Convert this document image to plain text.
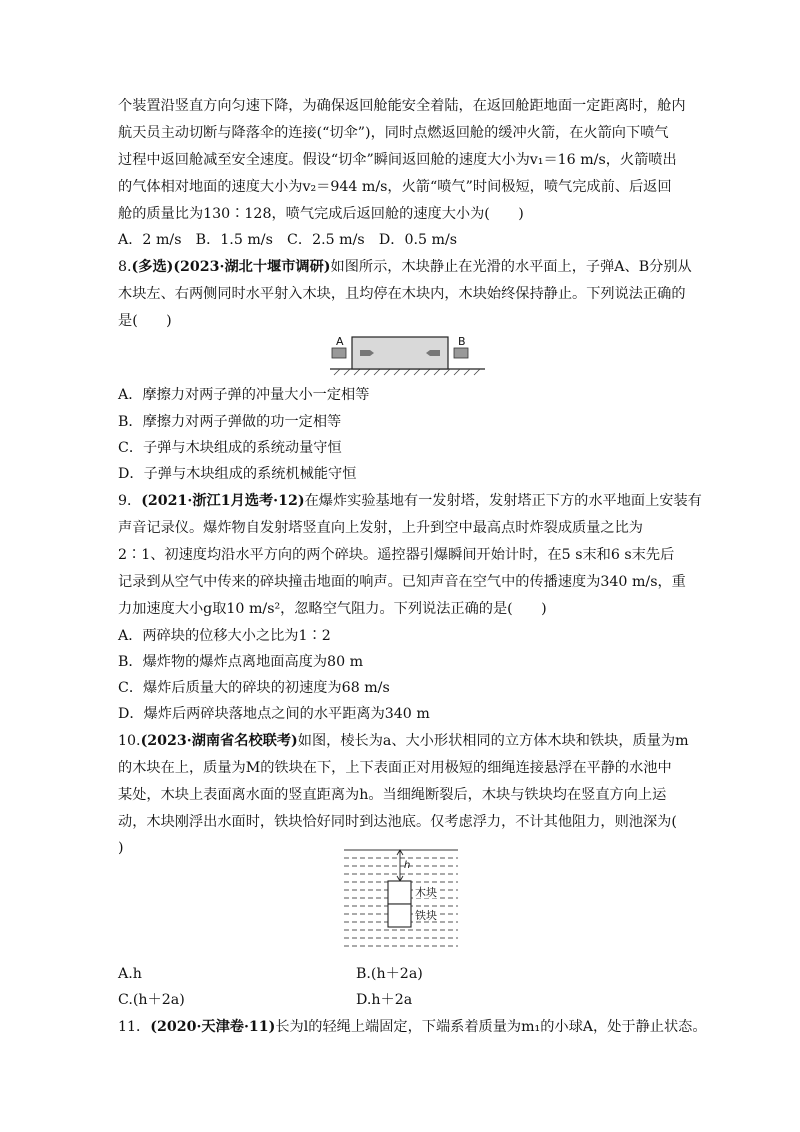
个装置沿竖直方向匀速下降，为确保返回舱能安全着陆，在返回舱距地面一定距离时，舱内
航天员主动切断与降落伞的连接(“切伞”)，同时点燃返回舱的缓冲火箭，在火箭向下喷气
过程中返回舱减至安全速度。假设“切伞”瞬间返回舱的速度大小为v₁＝16 m/s，火箭喷出
的气体相对地面的速度大小为v₂＝944 m/s，火箭“喷气”时间极短，喷气完成前、后返回
舱的质量比为130∶128，喷气完成后返回舱的速度大小为(　　)
A．2 m/s　B．1.5 m/s　C．2.5 m/s　D．0.5 m/s
8.(多选)(2023·湖北十堰市调研)如图所示，木块静止在光滑的水平面上，子弹A、B分别从
木块左、右两侧同时水平射入木块，且均停在木块内，木块始终保持静止。下列说法正确的
是(　　)
A	B
A．摩擦力对两子弹的冲量大小一定相等
B．摩擦力对两子弹做的功一定相等
C．子弹与木块组成的系统动量守恒
D．子弹与木块组成的系统机械能守恒
9．(2021·浙江1月选考·12)在爆炸实验基地有一发射塔，发射塔正下方的水平地面上安装有
声音记录仪。爆炸物自发射塔竖直向上发射，上升到空中最高点时炸裂成质量之比为
2∶1、初速度均沿水平方向的两个碎块。遥控器引爆瞬间开始计时，在5 s末和6 s末先后
记录到从空气中传来的碎块撞击地面的响声。已知声音在空气中的传播速度为340 m/s，重
力加速度大小g取10 m/s²，忽略空气阻力。下列说法正确的是(　　)
A．两碎块的位移大小之比为1∶2
B．爆炸物的爆炸点离地面高度为80 m
C．爆炸后质量大的碎块的初速度为68 m/s
D．爆炸后两碎块落地点之间的水平距离为340 m
10.(2023·湖南省名校联考)如图，棱长为a、大小形状相同的立方体木块和铁块，质量为m
的木块在上，质量为M的铁块在下，上下表面正对用极短的细绳连接悬浮在平静的水池中
某处，木块上表面离水面的竖直距离为h。当细绳断裂后，木块与铁块均在竖直方向上运
动，木块刚浮出水面时，铁块恰好同时到达池底。仅考虑浮力，不计其他阻力，则池深为(
)
h
木块
铁块
A.h	B.(h＋2a)
C.(h＋2a)	D.h＋2a
11．(2020·天津卷·11)长为l的轻绳上端固定，下端系着质量为m₁的小球A，处于静止状态。
